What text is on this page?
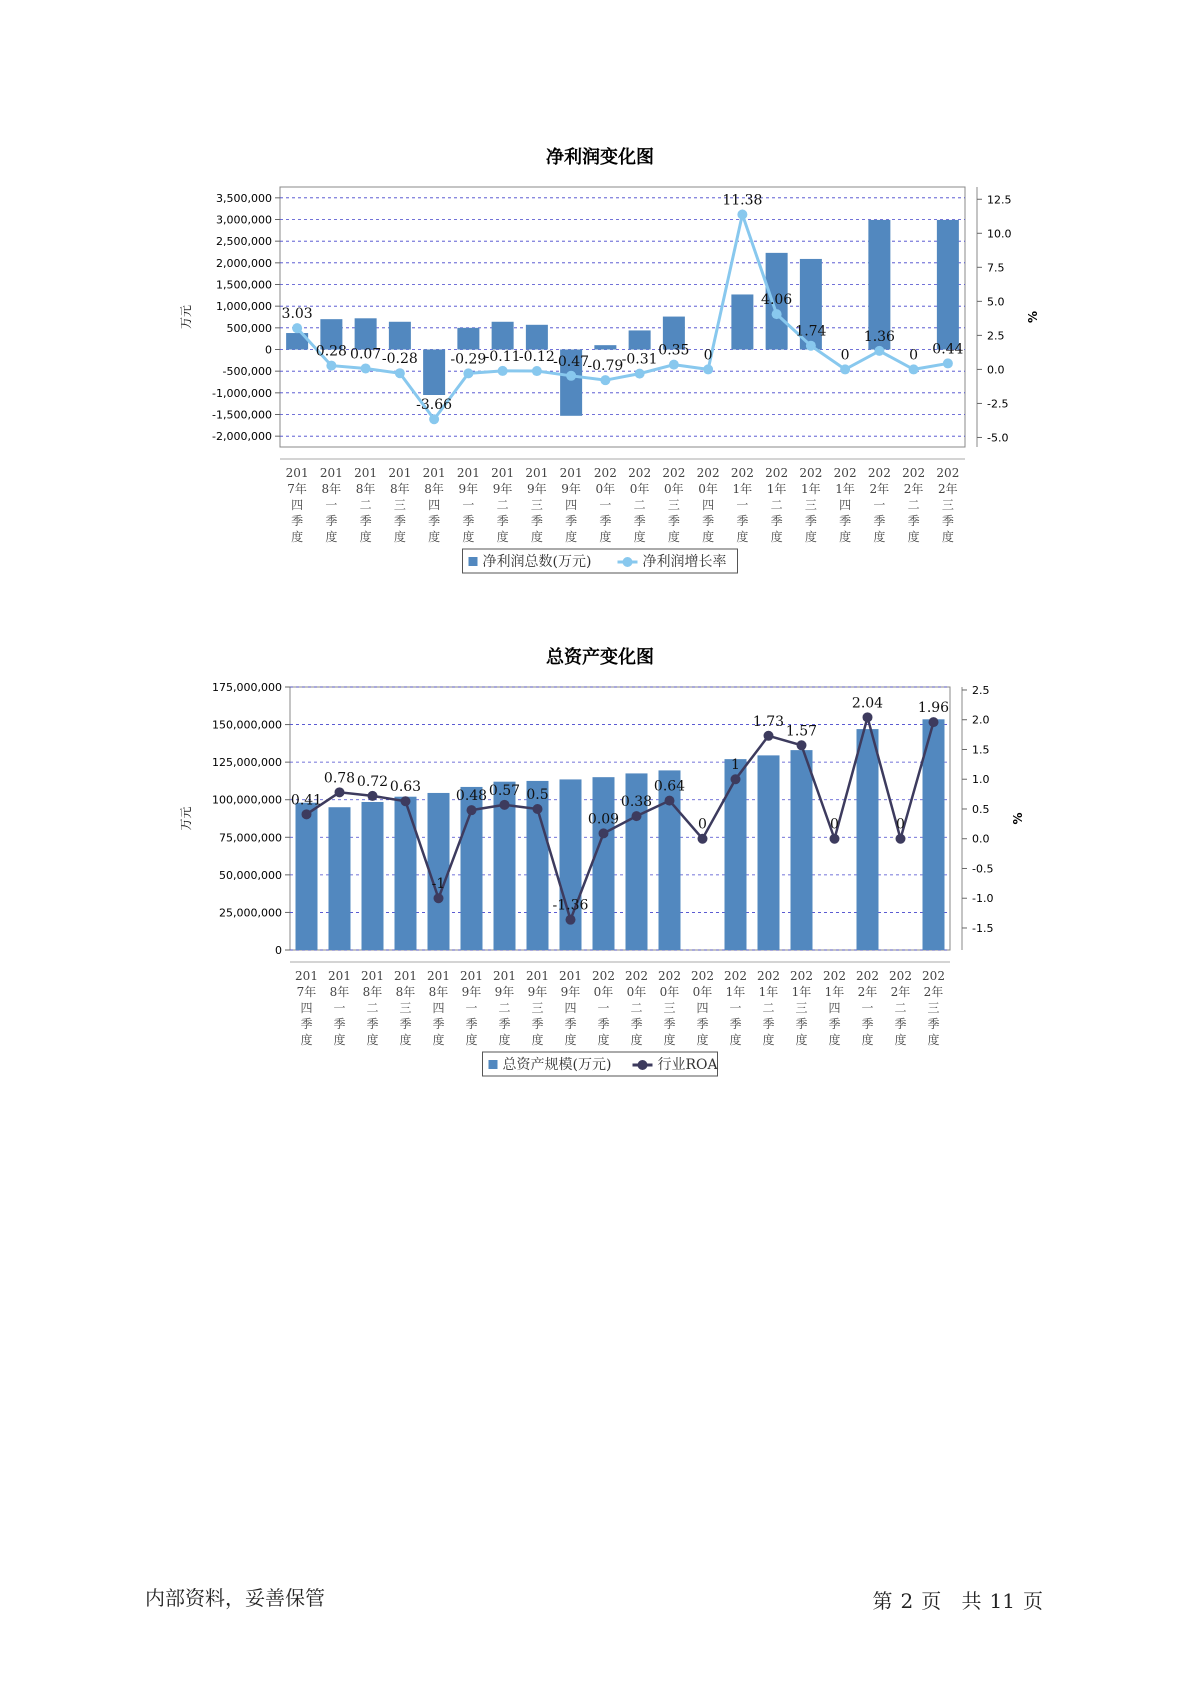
净利润变化图
-2,000,000
-1,500,000
-1,000,000
-500,000
0
500,000
1,000,000
1,500,000
2,000,000
2,500,000
3,000,000
3,500,000
-5.0
-2.5
0.0
2.5
5.0
7.5
10.0
12.5
万元	%
201
7年
四
季
度
201
8年
一
季
度
201
8年
二
季
度
201
8年
三
季
度
201
8年
四
季
度
201
9年
一
季
度
201
9年
二
季
度
201
9年
三
季
度
201
9年
四
季
度
202
0年
一
季
度
202
0年
二
季
度
202
0年
三
季
度
202
0年
四
季
度
202
1年
一
季
度
202
1年
二
季
度
202
1年
三
季
度
202
1年
四
季
度
202
2年
一
季
度
202
2年
二
季
度
202
2年
三
季
度
3.03
0.28 0.07 -0.28
-3.66
-0.29
-0.11
-0.12
-0.47
-0.79
-0.31
0.35 0
11.38
4.06
1.74
0
1.36
0 0.44
净利润总数(万元)	净利润增长率
总资产变化图
0
25,000,000
50,000,000
75,000,000
100,000,000
125,000,000
150,000,000
175,000,000
-1.5
-1.0
-0.5
0.0
0.5
1.0
1.5
2.0
2.5
万元	%
201
7年
四
季
度
201
8年
一
季
度
201
8年
二
季
度
201
8年
三
季
度
201
8年
四
季
度
201
9年
一
季
度
201
9年
二
季
度
201
9年
三
季
度
201
9年
四
季
度
202
0年
一
季
度
202
0年
二
季
度
202
0年
三
季
度
202
0年
四
季
度
202
1年
一
季
度
202
1年
二
季
度
202
1年
三
季
度
202
1年
四
季
度
202
2年
一
季
度
202
2年
二
季
度
202
2年
三
季
度
0.41
0.78 0.72 0.63
-1
0.48 0.57 0.5
-1.36
0.09
0.38
0.64
0
1
1.73
1.57
0
2.04
0
1.96
总资产规模(万元)	行业ROA
内部资料，妥善保管	第 2 页 共 11 页
